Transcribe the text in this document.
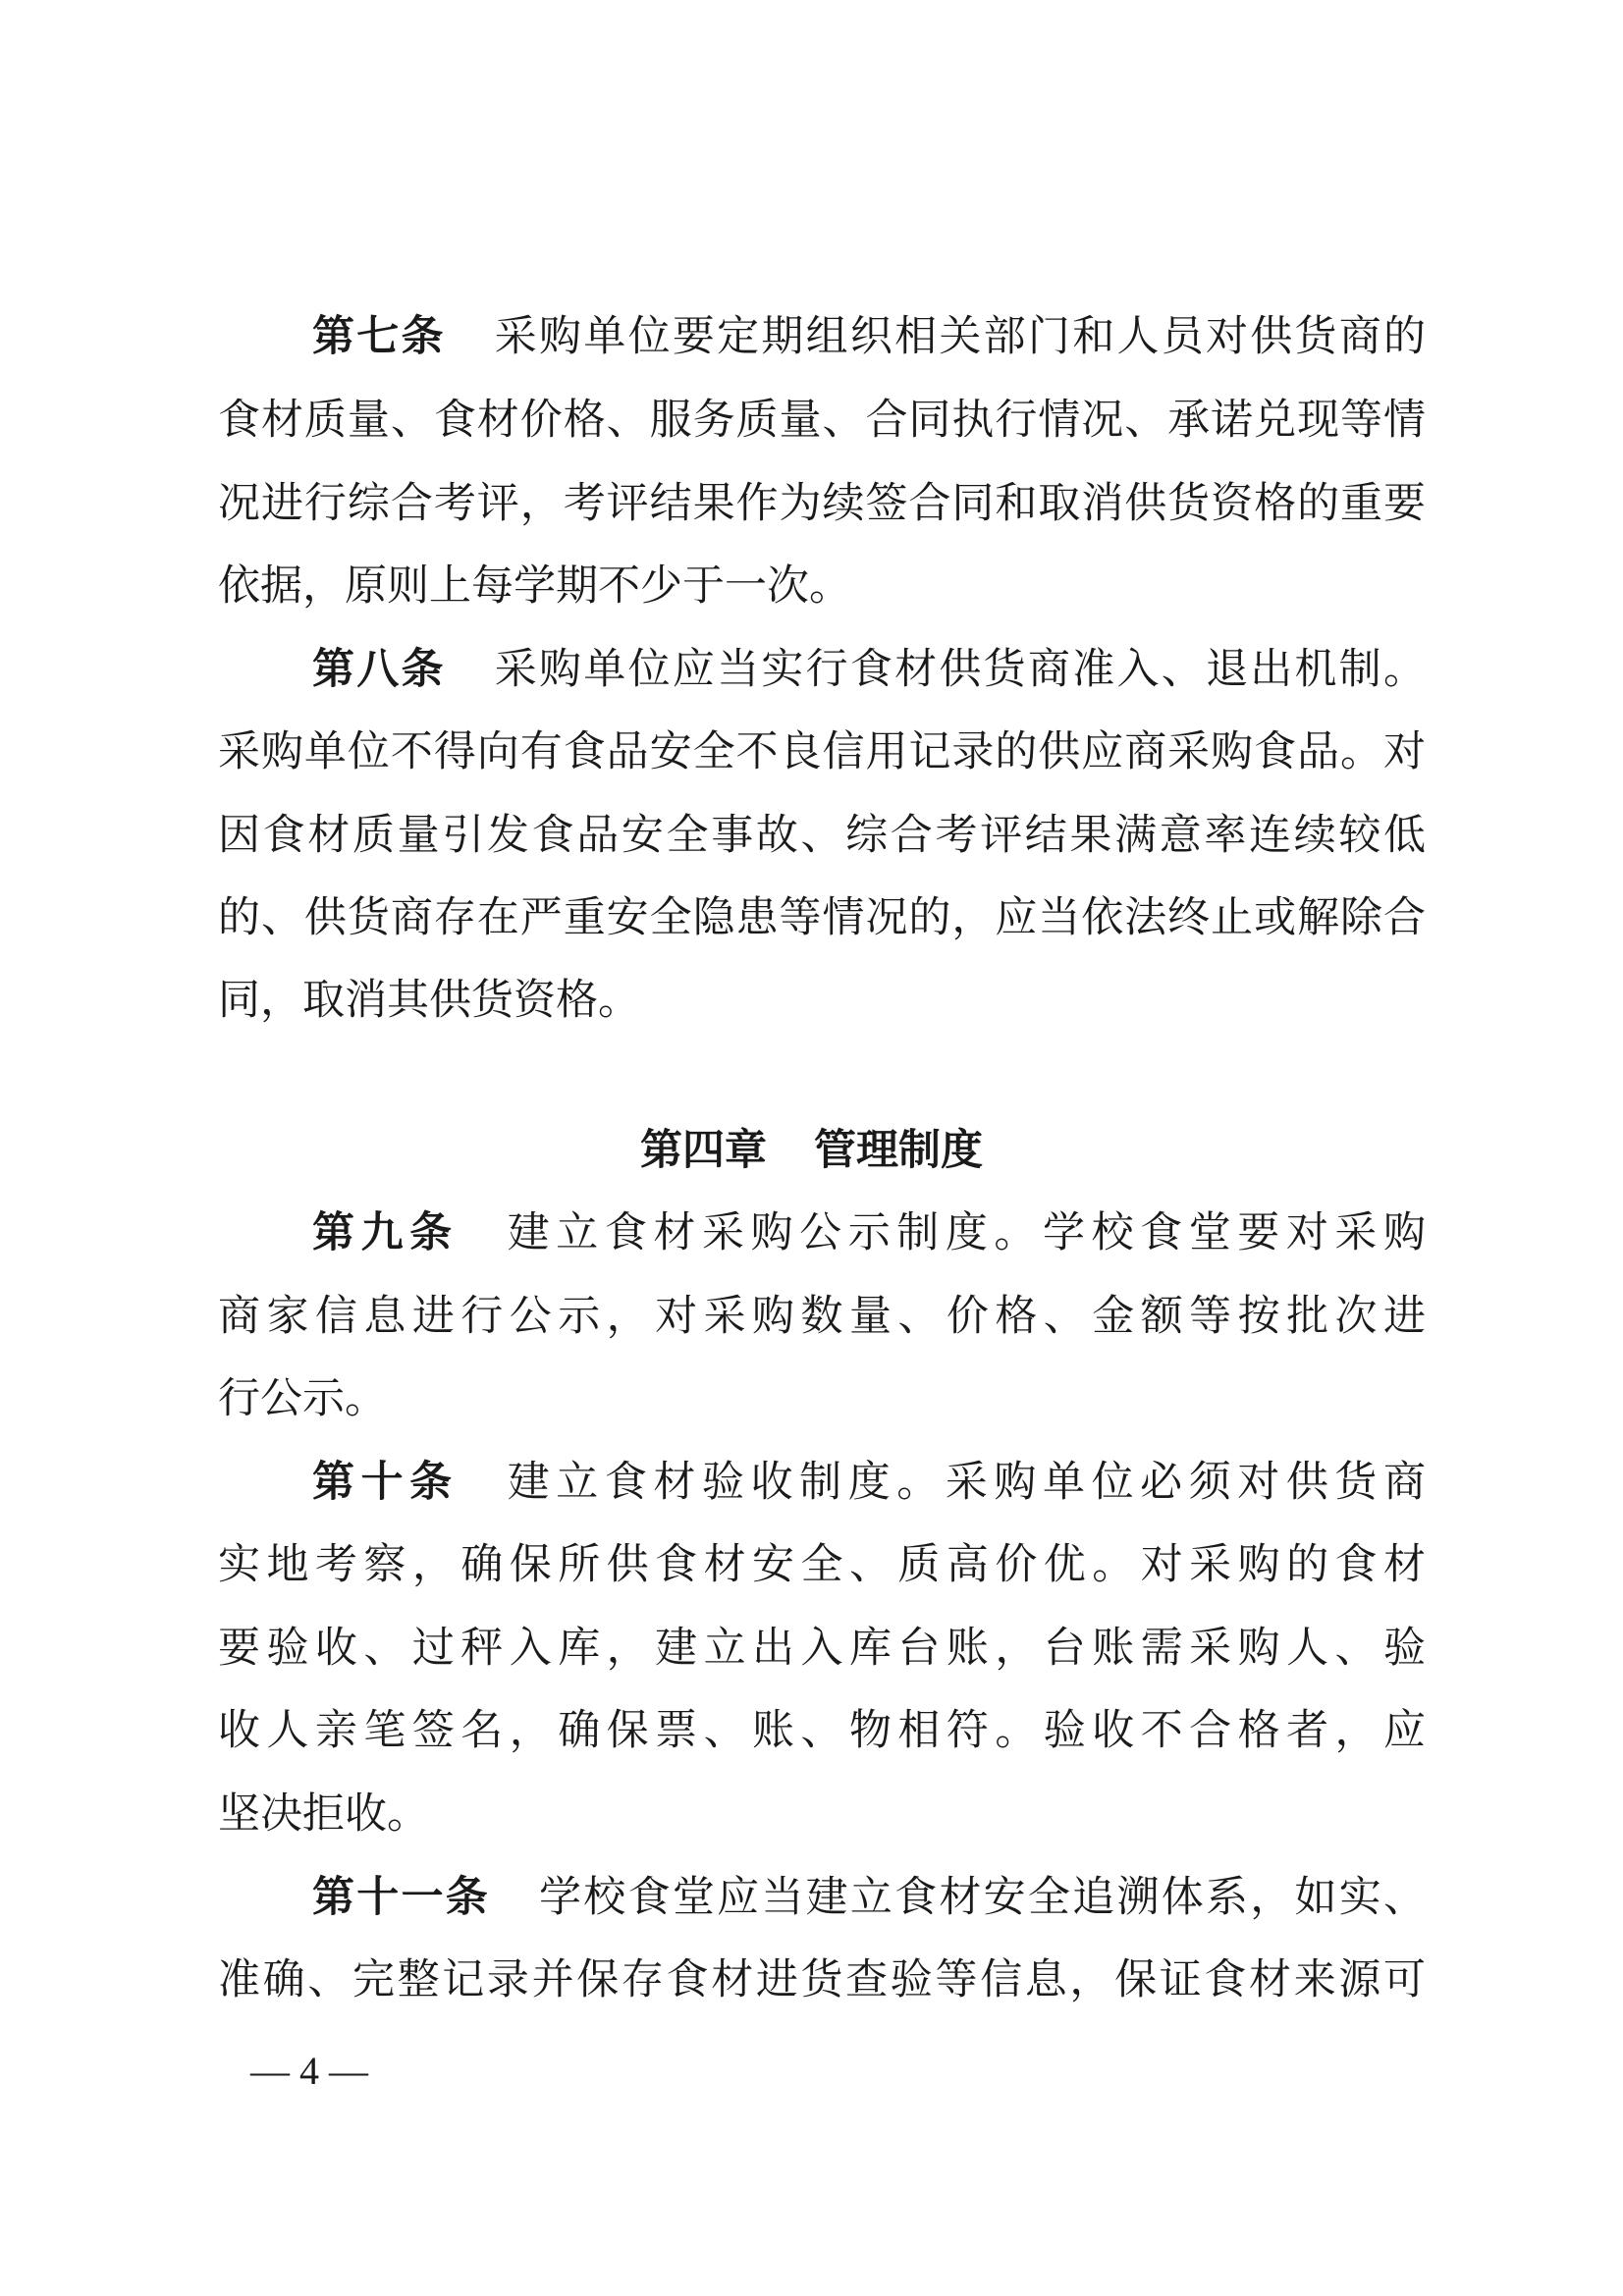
第七条 采购单位要定期组织相关部门和人员对供货商的
食材质量、食材价格、服务质量、合同执行情况、承诺兑现等情
况进行综合考评，考评结果作为续签合同和取消供货资格的重要
依据，原则上每学期不少于一次。
第八条 采购单位应当实行食材供货商准入、退出机制。
采购单位不得向有食品安全不良信用记录的供应商采购食品。对
因食材质量引发食品安全事故、综合考评结果满意率连续较低
的、供货商存在严重安全隐患等情况的，应当依法终止或解除合
同，取消其供货资格。
第四章 管理制度
第九条 建立食材采购公示制度。学校食堂要对采购
商家信息进行公示，对采购数量、价格、金额等按批次进
行公示。
第十条 建立食材验收制度。采购单位必须对供货商
实地考察，确保所供食材安全、质高价优。对采购的食材
要验收、过秤入库，建立出入库台账，台账需采购人、验
收人亲笔签名，确保票、账、物相符。验收不合格者，应
坚决拒收。
第十一条 学校食堂应当建立食材安全追溯体系，如实、
准确、完整记录并保存食材进货查验等信息，保证食材来源可
— 4 —
